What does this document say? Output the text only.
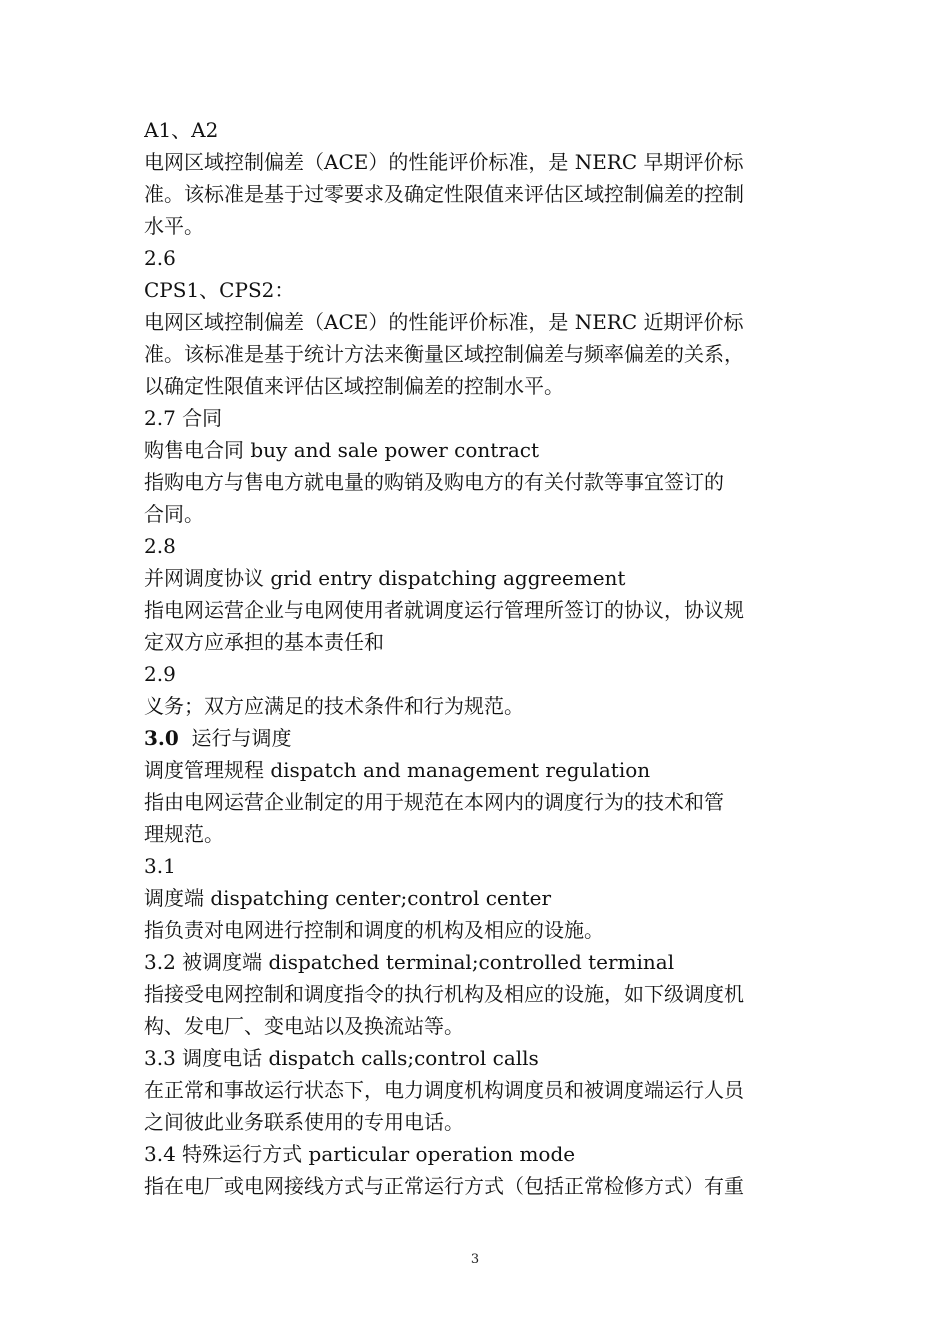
A1、A2
电网区域控制偏差（ACE）的性能评价标准，是 NERC 早期评价标
准。该标准是基于过零要求及确定性限值来评估区域控制偏差的控制
水平。
2.6
CPS1、CPS2：
电网区域控制偏差（ACE）的性能评价标准，是 NERC 近期评价标
准。该标准是基于统计方法来衡量区域控制偏差与频率偏差的关系，
以确定性限值来评估区域控制偏差的控制水平。
2.7 合同
购售电合同 buy and sale power contract
指购电方与售电方就电量的购销及购电方的有关付款等事宜签订的
合同。
2.8
并网调度协议 grid entry dispatching aggreement
指电网运营企业与电网使用者就调度运行管理所签订的协议，协议规
定双方应承担的基本责任和
2.9
义务；双方应满足的技术条件和行为规范。
3.0 运行与调度
调度管理规程 dispatch and management regulation
指由电网运营企业制定的用于规范在本网内的调度行为的技术和管
理规范。
3.1
调度端 dispatching center;control center
指负责对电网进行控制和调度的机构及相应的设施。
3.2 被调度端 dispatched terminal;controlled terminal
指接受电网控制和调度指令的执行机构及相应的设施，如下级调度机
构、发电厂、变电站以及换流站等。
3.3 调度电话 dispatch calls;control calls
在正常和事故运行状态下，电力调度机构调度员和被调度端运行人员
之间彼此业务联系使用的专用电话。
3.4 特殊运行方式 particular operation mode
指在电厂或电网接线方式与正常运行方式（包括正常检修方式）有重
3
